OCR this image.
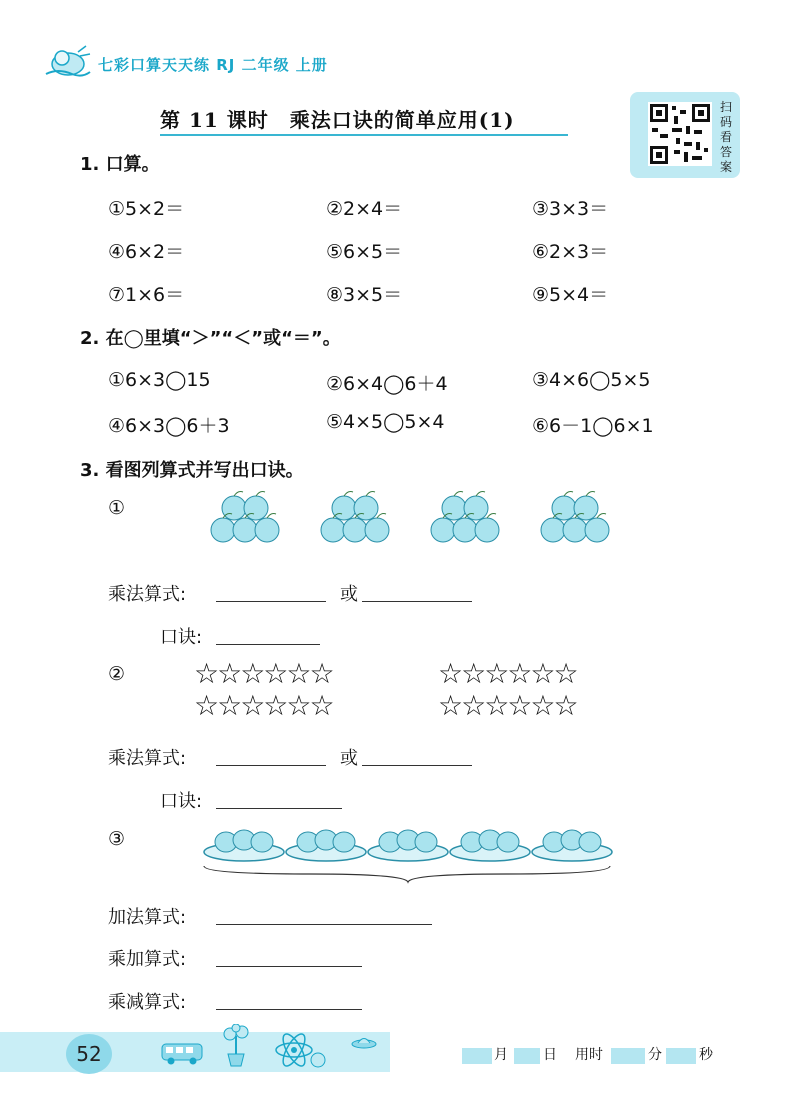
七彩口算天天练 RJ 二年级 上册
第 11 课时　乘法口诀的简单应用(1)
扫码看答案
1. 口算。
①5×2＝	②2×4＝	③3×3＝
④6×2＝	⑤6×5＝	⑥2×3＝
⑦1×6＝	⑧3×5＝	⑨5×4＝
2. 在◯里填“＞”“＜”或“＝”。
①6×3◯15	②6×4◯6＋4	③4×6◯5×5
④6×3◯6＋3	⑤4×5◯5×4	⑥6－1◯6×1
3. 看图列算式并写出口诀。
①
乘法算式:	或
口诀:
② ☆☆☆☆☆☆
☆☆☆☆☆☆
☆☆☆☆☆☆
☆☆☆☆☆☆
乘法算式:	或
口诀:
③
加法算式:
乘加算式:
乘减算式:
52	月	日 用时	分	秒
